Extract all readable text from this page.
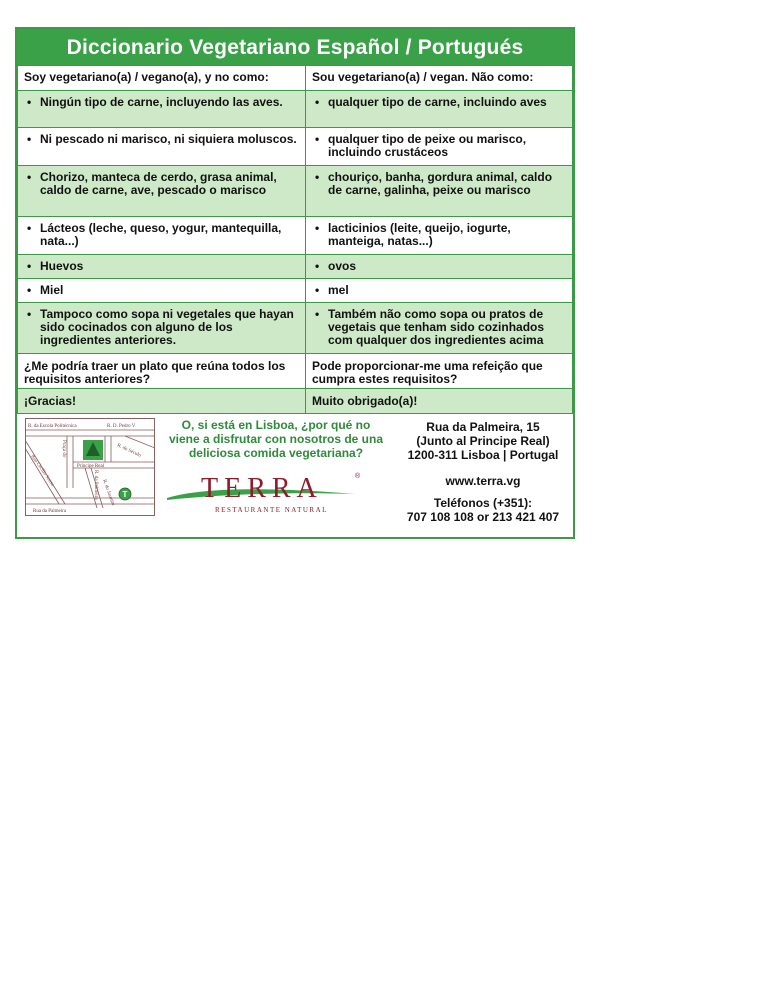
Diccionario Vegetariano Español / Portugués
Soy vegetariano(a) / vegano(a), y no como:	Sou vegetariano(a) / vegan. Não como:

• Ningún tipo de carne, incluyendo las aves.	• qualquer tipo de carne, incluindo aves

• Ni pescado ni marisco, ni siquiera moluscos.	• qualquer tipo de peixe ou marisco, incluindo crustáceos

• Chorizo, manteca de cerdo, grasa animal, caldo de carne, ave, pescado o marisco	• chouriço, banha, gordura animal, caldo de carne, galinha, peixe ou marisco

• Lácteos (leche, queso, yogur, mantequilla, nata...)	• lacticinios (leite, queijo, iogurte, manteiga, natas...)

• Huevos	• ovos

• Miel	• mel

• Tampoco como sopa ni vegetales que hayan sido cocinados con alguno de los ingredientes anteriores.	• Também não como sopa ou pratos de vegetais que tenham sido cozinhados com qualquer dos ingredientes acima

¿Me podría traer un plato que reúna todos los requisitos anteriores?	Pode proporcionar-me uma refeição que cumpra estes requisitos?

¡Gracias!	Muito obrigado(a)!
R. da Escola Politécnica	R. D. Pedro V
R. do Século
Praça do
Príncipe Real
Rua Cecílio Sousa	R. da Palmeira R. do Jasmim
Rua da Palmeira
T
O, si está en Lisboa, ¿por qué no viene a disfrutar con nosotros de una deliciosa comida vegetariana?
TERRA	®
RESTAURANTE NATURAL
Rua da Palmeira, 15
(Junto al Principe Real)
1200-311 Lisboa | Portugal
www.terra.vg
Teléfonos (+351):
707 108 108 or 213 421 407
